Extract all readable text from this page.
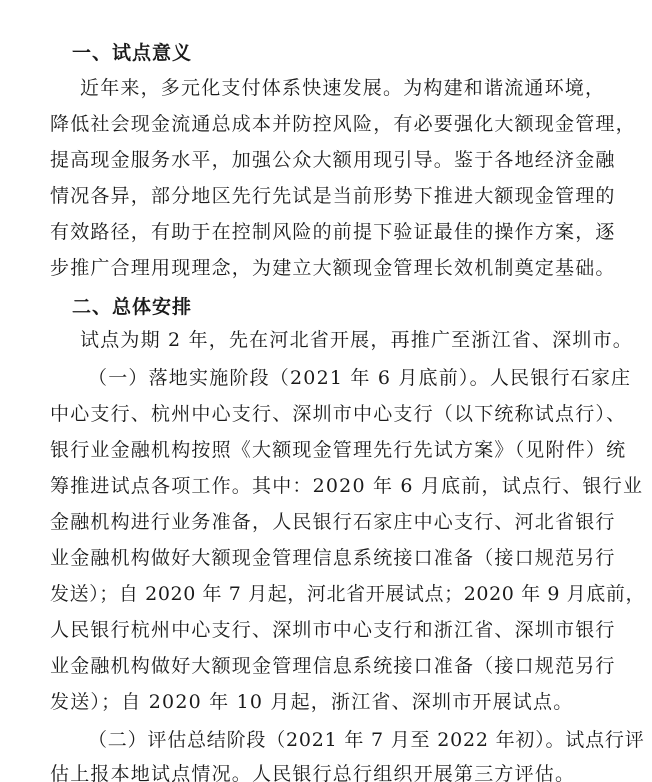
一、试点意义
近年来，多元化支付体系快速发展。为构建和谐流通环境，
降低社会现金流通总成本并防控风险，有必要强化大额现金管理，
提高现金服务水平，加强公众大额用现引导。鉴于各地经济金融
情况各异，部分地区先行先试是当前形势下推进大额现金管理的
有效路径，有助于在控制风险的前提下验证最佳的操作方案，逐
步推广合理用现理念，为建立大额现金管理长效机制奠定基础。
二、总体安排
试点为期 2 年，先在河北省开展，再推广至浙江省、深圳市。
（一）落地实施阶段（2021 年 6 月底前）。人民银行石家庄
中心支行、杭州中心支行、深圳市中心支行（以下统称试点行）、
银行业金融机构按照《大额现金管理先行先试方案》（见附件）统
筹推进试点各项工作。其中：2020 年 6 月底前，试点行、银行业
金融机构进行业务准备，人民银行石家庄中心支行、河北省银行
业金融机构做好大额现金管理信息系统接口准备（接口规范另行
发送）；自 2020 年 7 月起，河北省开展试点；2020 年 9 月底前，
人民银行杭州中心支行、深圳市中心支行和浙江省、深圳市银行
业金融机构做好大额现金管理信息系统接口准备（接口规范另行
发送）；自 2020 年 10 月起，浙江省、深圳市开展试点。
（二）评估总结阶段（2021 年 7 月至 2022 年初）。试点行评
估上报本地试点情况。人民银行总行组织开展第三方评估。
